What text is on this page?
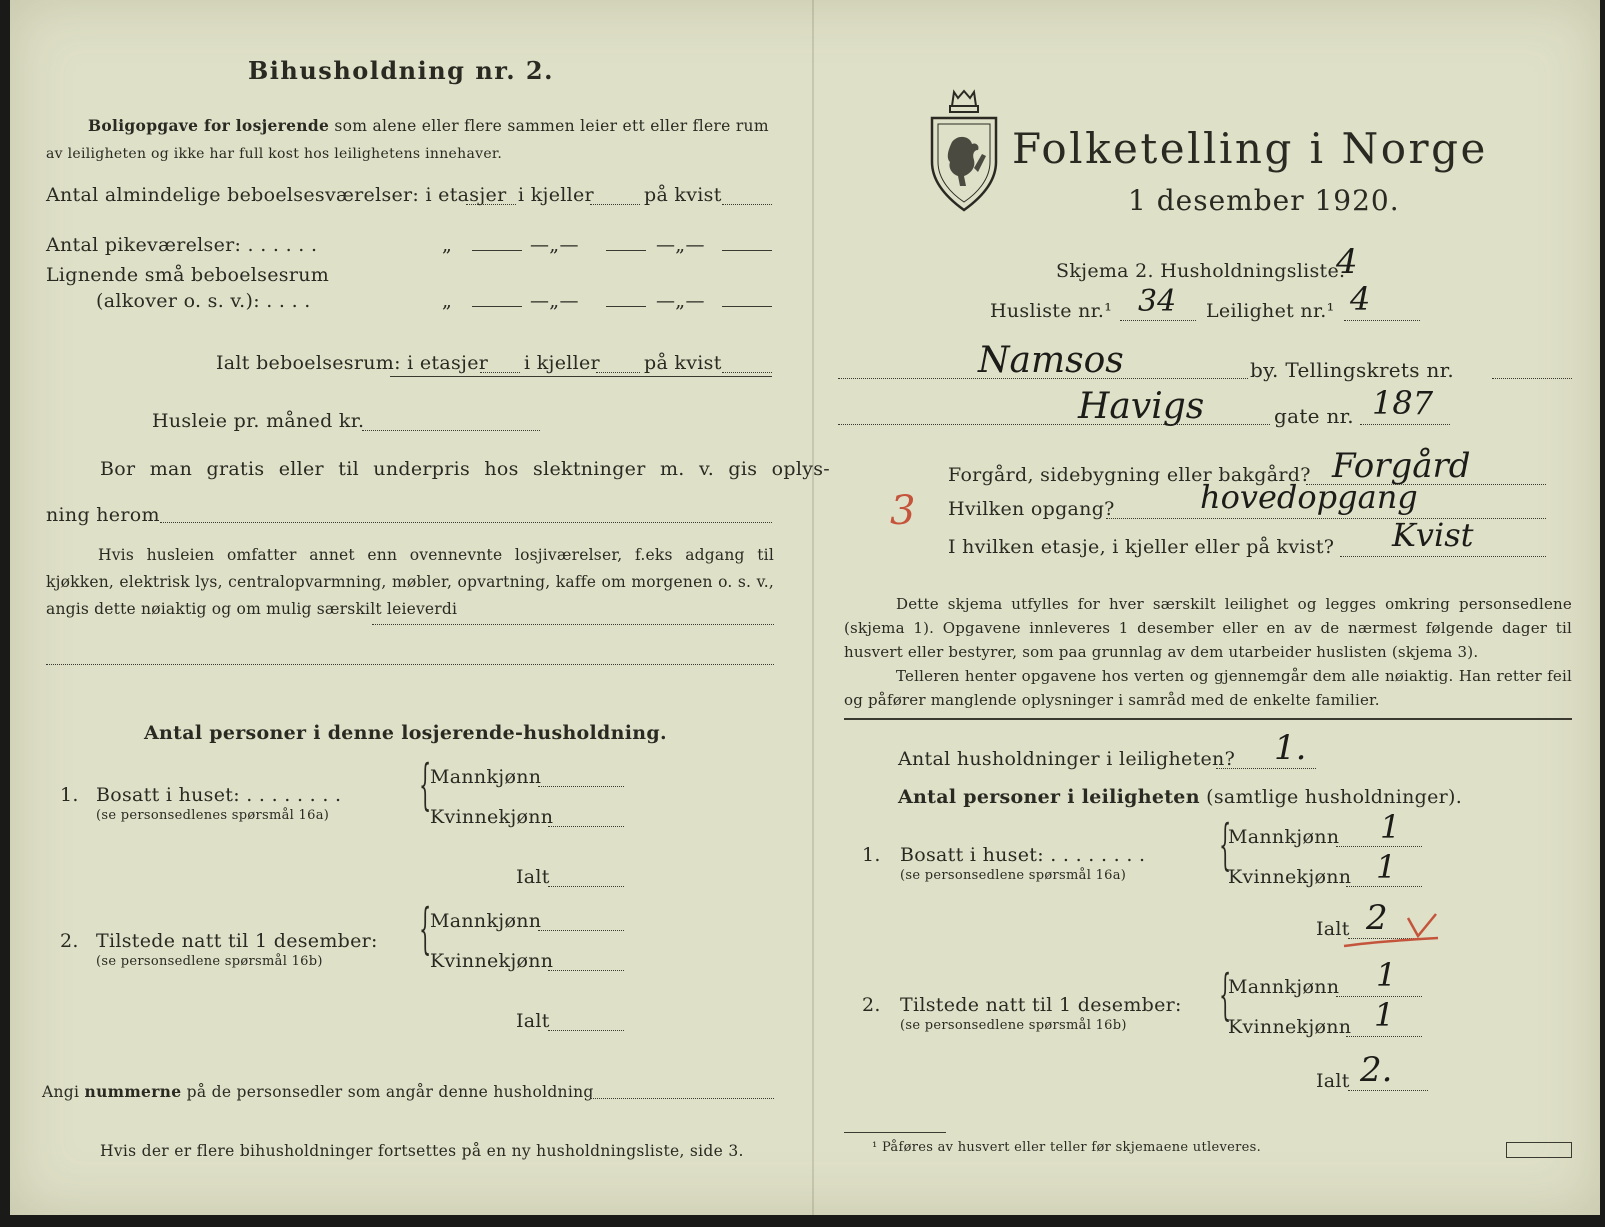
Bihusholdning nr. 2.
Boligopgave for losjerende som alene eller flere sammen leier ett eller flere rum
av leiligheten og ikke har full kost hos leilighetens innehaver.
Antal almindelige beboelsesværelser: i etasjer i kjeller	på kvist
Antal pikeværelser: . . . . . .	„	—„—	—„—
Lignende små beboelsesrum
(alkover o. s. v.): . . . .	„	—„—	—„—
Ialt beboelsesrum: i etasjer i kjeller på kvist
Husleie pr. måned kr.
Bor man gratis eller til underpris hos slektninger m. v. gis oplys-
ning herom
Hvis husleien omfatter annet enn ovennevnte losjiværelser, f.eks adgang til kjøkken, elektrisk lys, centralopvarmning, møbler, opvartning, kaffe om morgenen o. s. v., angis dette nøiaktig og om mulig særskilt leieverdi
Antal personer i denne losjerende-husholdning.
1. Bosatt i huset: . . . . . . . .
(se personsedlenes spørsmål 16a) {
Mannkjønn
Kvinnekjønn
Ialt
2. Tilstede natt til 1 desember:
(se personsedlene spørsmål 16b)
{
Mannkjønn
Kvinnekjønn
Ialt
Angi nummerne på de personsedler som angår denne husholdning
Hvis der er flere bihusholdninger fortsettes på en ny husholdningsliste, side 3.
Folketelling i Norge
1 desember 1920.
Skjema 2. Husholdningsliste.
4
Husliste nr.¹ 34 Leilighet nr.¹ 4
Namsos	by. Tellingskrets nr.
Havigs	gate nr. 187
Forgård, sidebygning eller bakgård? Forgård
3 Hvilken opgang?	hovedopgang
I hvilken etasje, i kjeller eller på kvist? Kvist
Dette skjema utfylles for hver særskilt leilighet og legges omkring personsedlene (skjema 1). Opgavene innleveres 1 desember eller en av de nærmest følgende dager til husvert eller bestyrer, som paa grunnlag av dem utarbeider huslisten (skjema 3).
Telleren henter opgavene hos verten og gjennemgår dem alle nøiaktig. Han retter feil og påfører manglende oplysninger i samråd med de enkelte familier.
Antal husholdninger i leiligheten? 1.
Antal personer i leiligheten (samtlige husholdninger).
1. Bosatt i huset: . . . . . . . .
(se personsedlene spørsmål 16a) {
Mannkjønn 1
Kvinnekjønn 1
Ialt 2
2. Tilstede natt til 1 desember:
(se personsedlene spørsmål 16b) {
Mannkjønn 1
Kvinnekjønn 1
Ialt 2.
¹ Påføres av husvert eller teller før skjemaene utleveres.
